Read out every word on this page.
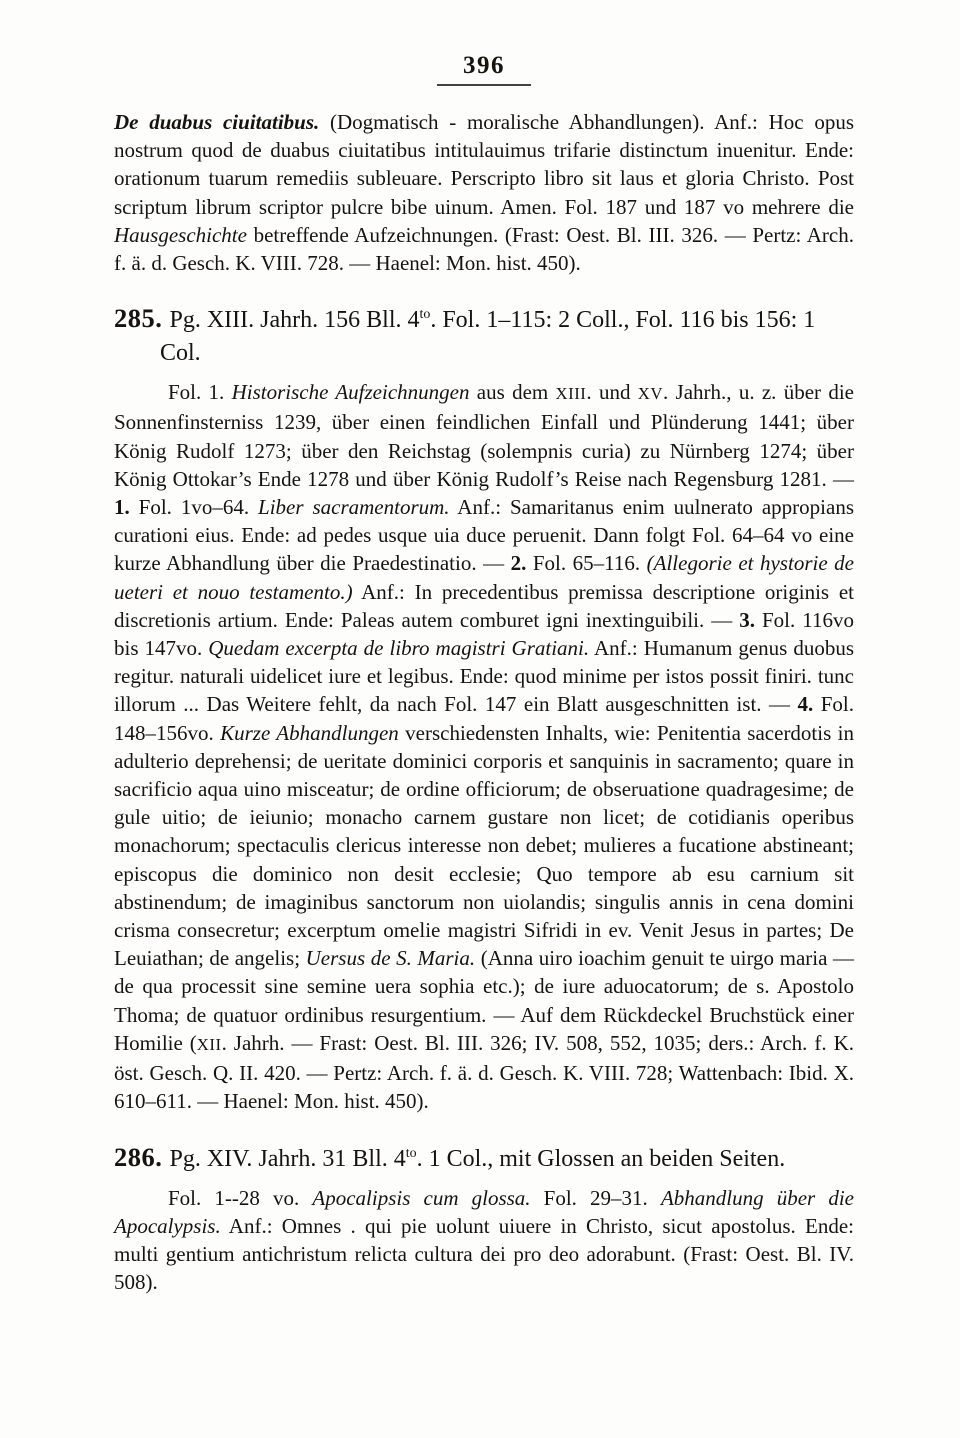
396

De duabus ciuitatibus. (Dogmatisch - moralische Abhandlungen). Anf.: Hoc opus nostrum quod de duabus ciuitatibus intitulauimus trifarie distinctum inuenitur. Ende: orationum tuarum remediis subleuare. Perscripto libro sit laus et gloria Christo. Post scriptum librum scriptor pulcre bibe uinum. Amen. Fol. 187 und 187 vo mehrere die Hausgeschichte betreffende Aufzeichnungen. (Frast: Oest. Bl. III. 326. — Pertz: Arch. f. ä. d. Gesch. K. VIII. 728. — Haenel: Mon. hist. 450).

285. Pg. XIII. Jahrh. 156 Bll. $4^{to}$. Fol. 1–115: 2 Coll., Fol. 116 bis 156: 1 Col.

Fol. 1. Historische Aufzeichnungen aus dem XIII. und XV. Jahrh., u. z. über die Sonnenfinsterniss 1239, über einen feindlichen Einfall und Plünderung 1441; über König Rudolf 1273; über den Reichstag (solempnis curia) zu Nürnberg 1274; über König Ottokar’s Ende 1278 und über König Rudolf’s Reise nach Regensburg 1281. — 1. Fol. 1vo–64. Liber sacramentorum. Anf.: Samaritanus enim uulnerato appropians curationi eius. Ende: ad pedes usque uia duce peruenit. Dann folgt Fol. 64–64 vo eine kurze Abhandlung über die Praedestinatio. — 2. Fol. 65–116. (Allegorie et hystorie de ueteri et nouo testamento.) Anf.: In precedentibus premissa descriptione originis et discretionis artium. Ende: Paleas autem comburet igni inextinguibili. — 3. Fol. 116vo bis 147vo. Quedam excerpta de libro magistri Gratiani. Anf.: Humanum genus duobus regitur. naturali uidelicet iure et legibus. Ende: quod minime per istos possit finiri. tunc illorum ... Das Weitere fehlt, da nach Fol. 147 ein Blatt ausgeschnitten ist. — 4. Fol. 148–156vo. Kurze Abhandlungen verschiedensten Inhalts, wie: Penitentia sacerdotis in adulterio deprehensi; de ueritate dominici corporis et sanquinis in sacramento; quare in sacrificio aqua uino misceatur; de ordine officiorum; de obseruatione quadragesime; de gule uitio; de ieiunio; monacho carnem gustare non licet; de cotidianis operibus monachorum; spectaculis clericus interesse non debet; mulieres a fucatione abstineant; episcopus die dominico non desit ecclesie; Quo tempore ab esu carnium sit abstinendum; de imaginibus sanctorum non uiolandis; singulis annis in cena domini crisma consecretur; excerptum omelie magistri Sifridi in ev. Venit Jesus in partes; De Leuiathan; de angelis; Uersus de S. Maria. (Anna uiro ioachim genuit te uirgo maria — de qua processit sine semine uera sophia etc.); de iure aduocatorum; de s. Apostolo Thoma; de quatuor ordinibus resurgentium. — Auf dem Rückdeckel Bruchstück einer Homilie (XII. Jahrh. — Frast: Oest. Bl. III. 326; IV. 508, 552, 1035; ders.: Arch. f. K. öst. Gesch. Q. II. 420. — Pertz: Arch. f. ä. d. Gesch. K. VIII. 728; Wattenbach: Ibid. X. 610–611. — Haenel: Mon. hist. 450).

286. Pg. XIV. Jahrh. 31 Bll. $4^{to}$. 1 Col., mit Glossen an beiden Seiten.

Fol. 1--28 vo. Apocalipsis cum glossa. Fol. 29–31. Abhandlung über die Apocalypsis. Anf.: Omnes . qui pie uolunt uiuere in Christo, sicut apostolus. Ende: multi gentium antichristum relicta cultura dei pro deo adorabunt. (Frast: Oest. Bl. IV. 508).
